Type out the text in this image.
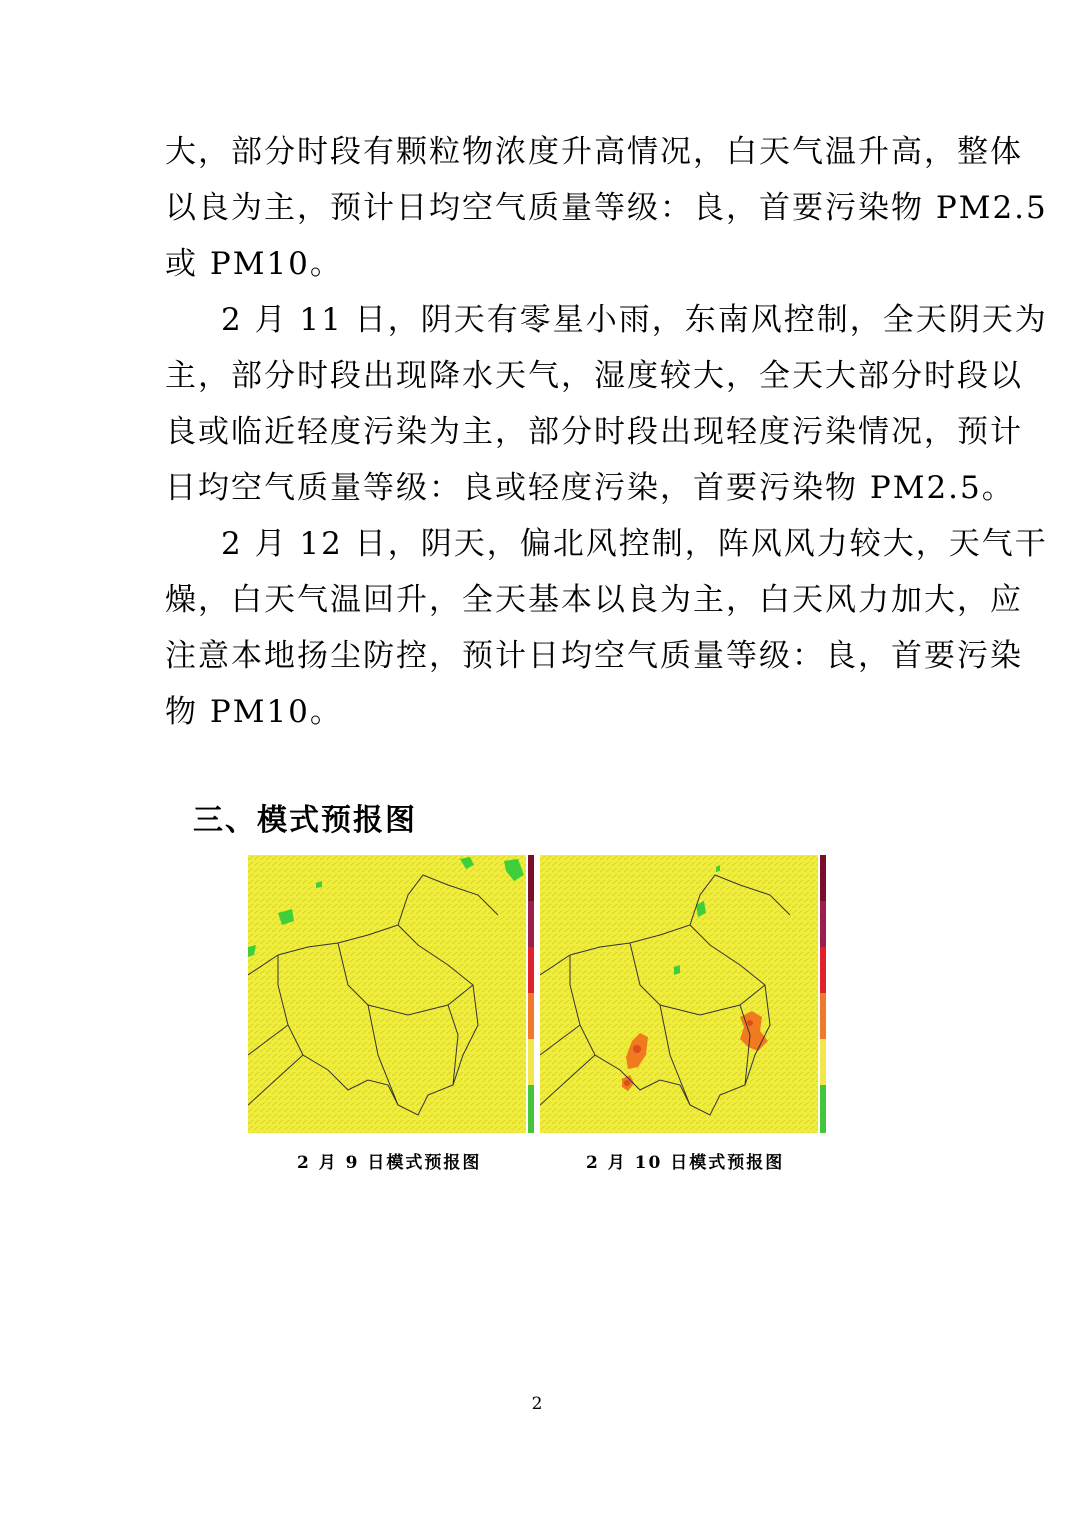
大，部分时段有颗粒物浓度升高情况，白天气温升高，整体
以良为主，预计日均空气质量等级：良，首要污染物 PM2.5
或 PM10。
2 月 11 日，阴天有零星小雨，东南风控制，全天阴天为
主，部分时段出现降水天气，湿度较大，全天大部分时段以
良或临近轻度污染为主，部分时段出现轻度污染情况，预计
日均空气质量等级：良或轻度污染，首要污染物 PM2.5。
2 月 12 日，阴天，偏北风控制，阵风风力较大，天气干
燥，白天气温回升，全天基本以良为主，白天风力加大，应
注意本地扬尘防控，预计日均空气质量等级：良，首要污染
物 PM10。
三、模式预报图
2 月 9 日模式预报图	2 月 10 日模式预报图
2
